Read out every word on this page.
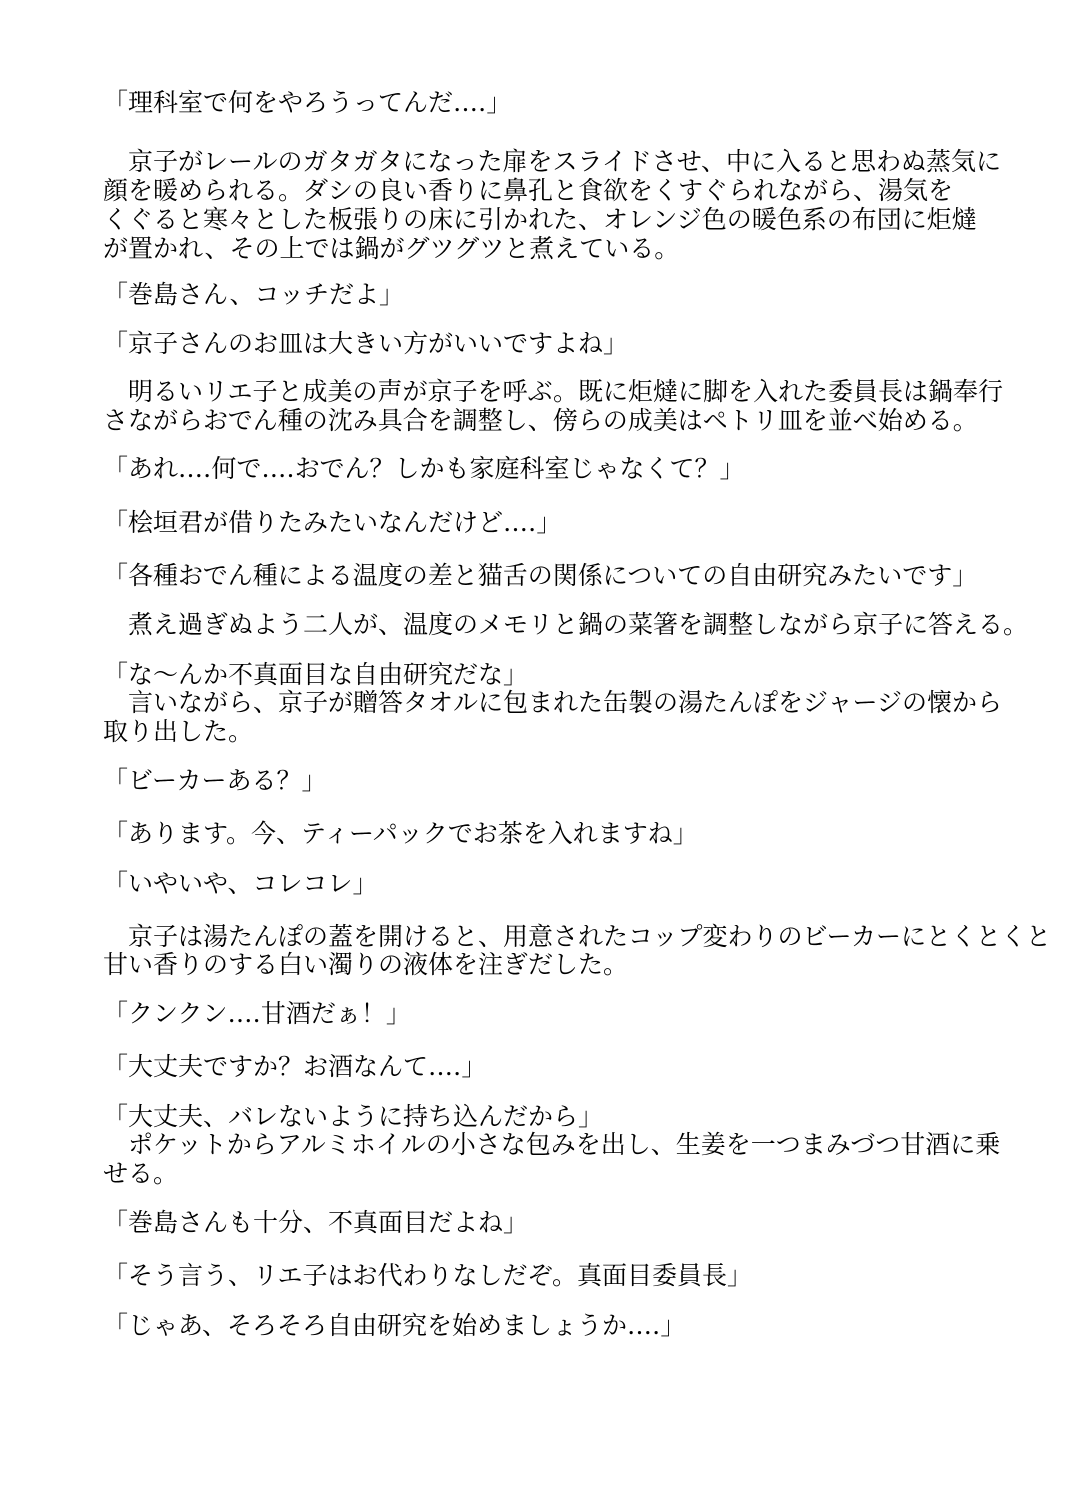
「理科室で何をやろうってんだ‥‥」

　京子がレールのガタガタになった扉をスライドさせ、中に入ると思わぬ蒸気に

顔を暖められる。ダシの良い香りに鼻孔と食欲をくすぐられながら、湯気を

くぐると寒々とした板張りの床に引かれた、オレンジ色の暖色系の布団に炬燵

が置かれ、その上では鍋がグツグツと煮えている。

「巻島さん、コッチだよ」

「京子さんのお皿は大きい方がいいですよね」

　明るいリエ子と成美の声が京子を呼ぶ。既に炬燵に脚を入れた委員長は鍋奉行

さながらおでん種の沈み具合を調整し、傍らの成美はペトリ皿を並べ始める。

「あれ‥‥何で‥‥おでん？しかも家庭科室じゃなくて？」

「桧垣君が借りたみたいなんだけど‥‥」

「各種おでん種による温度の差と猫舌の関係についての自由研究みたいです」

　煮え過ぎぬよう二人が、温度のメモリと鍋の菜箸を調整しながら京子に答える。

「な〜んか不真面目な自由研究だな」

　言いながら、京子が贈答タオルに包まれた缶製の湯たんぽをジャージの懐から

取り出した。

「ビーカーある？」

「あります。今、ティーパックでお茶を入れますね」

「いやいや、コレコレ」

　京子は湯たんぽの蓋を開けると、用意されたコップ変わりのビーカーにとくとくと

甘い香りのする白い濁りの液体を注ぎだした。

「クンクン‥‥甘酒だぁ！」

「大丈夫ですか？お酒なんて‥‥」

「大丈夫、バレないように持ち込んだから」

　ポケットからアルミホイルの小さな包みを出し、生姜を一つまみづつ甘酒に乗

せる。

「巻島さんも十分、不真面目だよね」

「そう言う、リエ子はお代わりなしだぞ。真面目委員長」

「じゃあ、そろそろ自由研究を始めましょうか‥‥」
